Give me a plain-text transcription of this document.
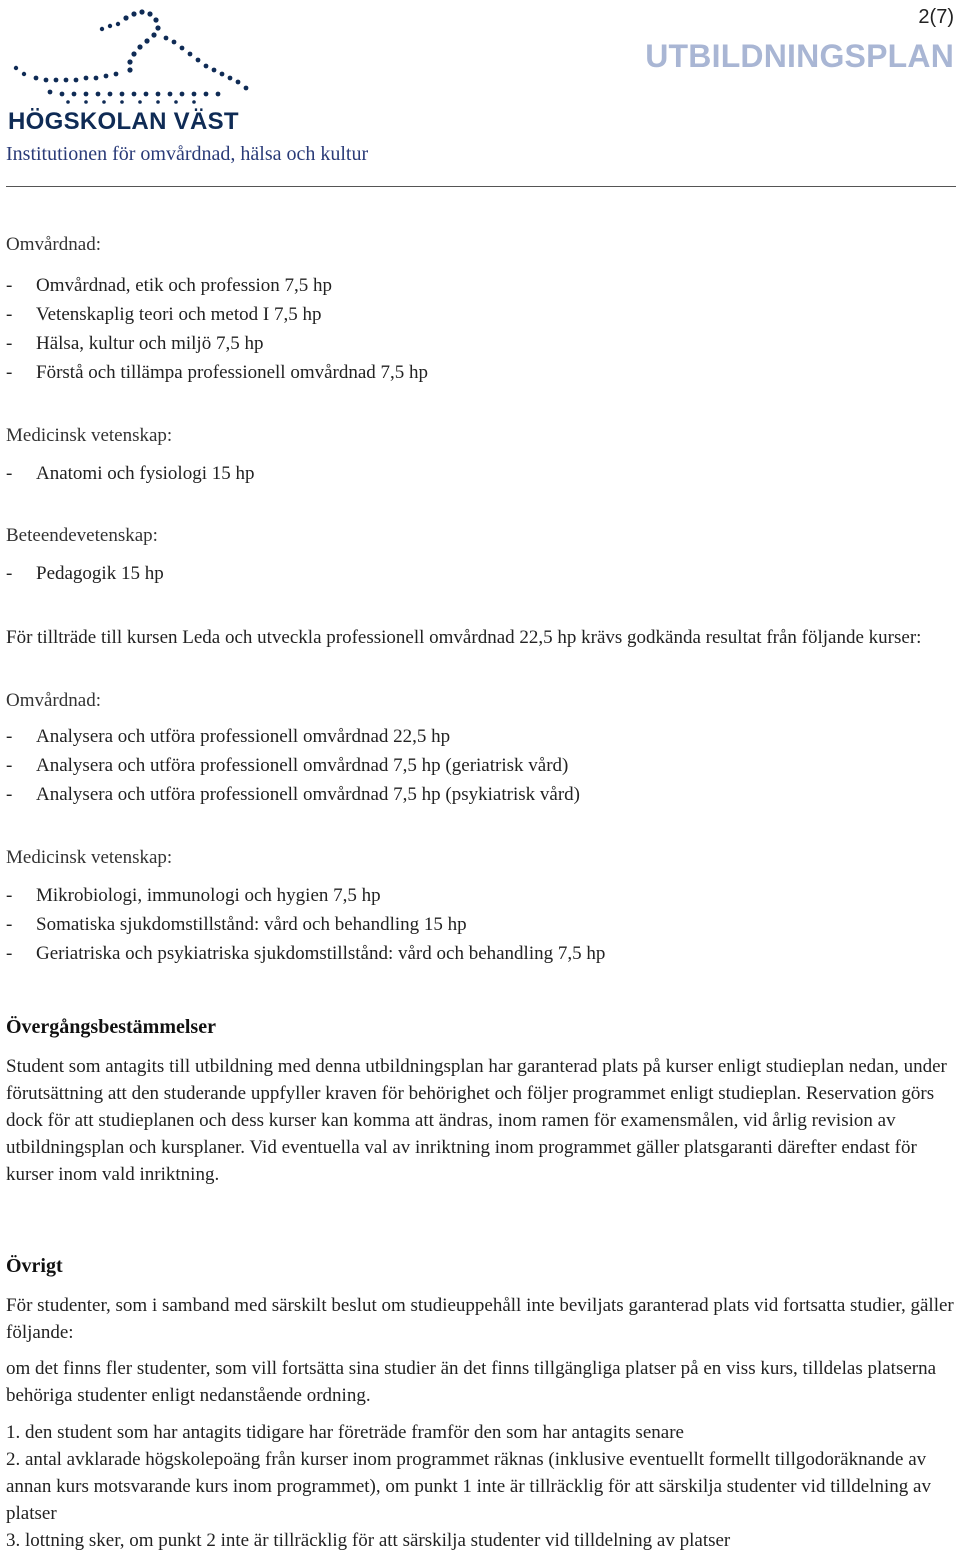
HÖGSKOLAN VÄST
Institutionen för omvårdnad, hälsa och kultur
2(7)
UTBILDNINGSPLAN
Omvårdnad:
- Omvårdnad, etik och profession 7,5 hp
- Vetenskaplig teori och metod I 7,5 hp
- Hälsa, kultur och miljö 7,5 hp
- Förstå och tillämpa professionell omvårdnad 7,5 hp
Medicinsk vetenskap:
- Anatomi och fysiologi 15 hp
Beteendevetenskap:
- Pedagogik 15 hp
För tillträde till kursen Leda och utveckla professionell omvårdnad 22,5 hp krävs godkända resultat från följande kurser:
Omvårdnad:
- Analysera och utföra professionell omvårdnad 22,5 hp
- Analysera och utföra professionell omvårdnad 7,5 hp (geriatrisk vård)
- Analysera och utföra professionell omvårdnad 7,5 hp (psykiatrisk vård)
Medicinsk vetenskap:
- Mikrobiologi, immunologi och hygien 7,5 hp
- Somatiska sjukdomstillstånd: vård och behandling 15 hp
- Geriatriska och psykiatriska sjukdomstillstånd: vård och behandling 7,5 hp
Övergångsbestämmelser
Student som antagits till utbildning med denna utbildningsplan har garanterad plats på kurser enligt studieplan nedan, under förutsättning att den studerande uppfyller kraven för behörighet och följer programmet enligt studieplan. Reservation görs dock för att studieplanen och dess kurser kan komma att ändras, inom ramen för examensmålen, vid årlig revision av utbildningsplan och kursplaner. Vid eventuella val av inriktning inom programmet gäller platsgaranti därefter endast för kurser inom vald inriktning.
Övrigt
För studenter, som i samband med särskilt beslut om studieuppehåll inte beviljats garanterad plats vid fortsatta studier, gäller följande:
om det finns fler studenter, som vill fortsätta sina studier än det finns tillgängliga platser på en viss kurs, tilldelas platserna behöriga studenter enligt nedanstående ordning.
1. den student som har antagits tidigare har företräde framför den som har antagits senare
2. antal avklarade högskolepoäng från kurser inom programmet räknas (inklusive eventuellt formellt tillgodoräknande av annan kurs motsvarande kurs inom programmet), om punkt 1 inte är tillräcklig för att särskilja studenter vid tilldelning av platser
3. lottning sker, om punkt 2 inte är tillräcklig för att särskilja studenter vid tilldelning av platser
